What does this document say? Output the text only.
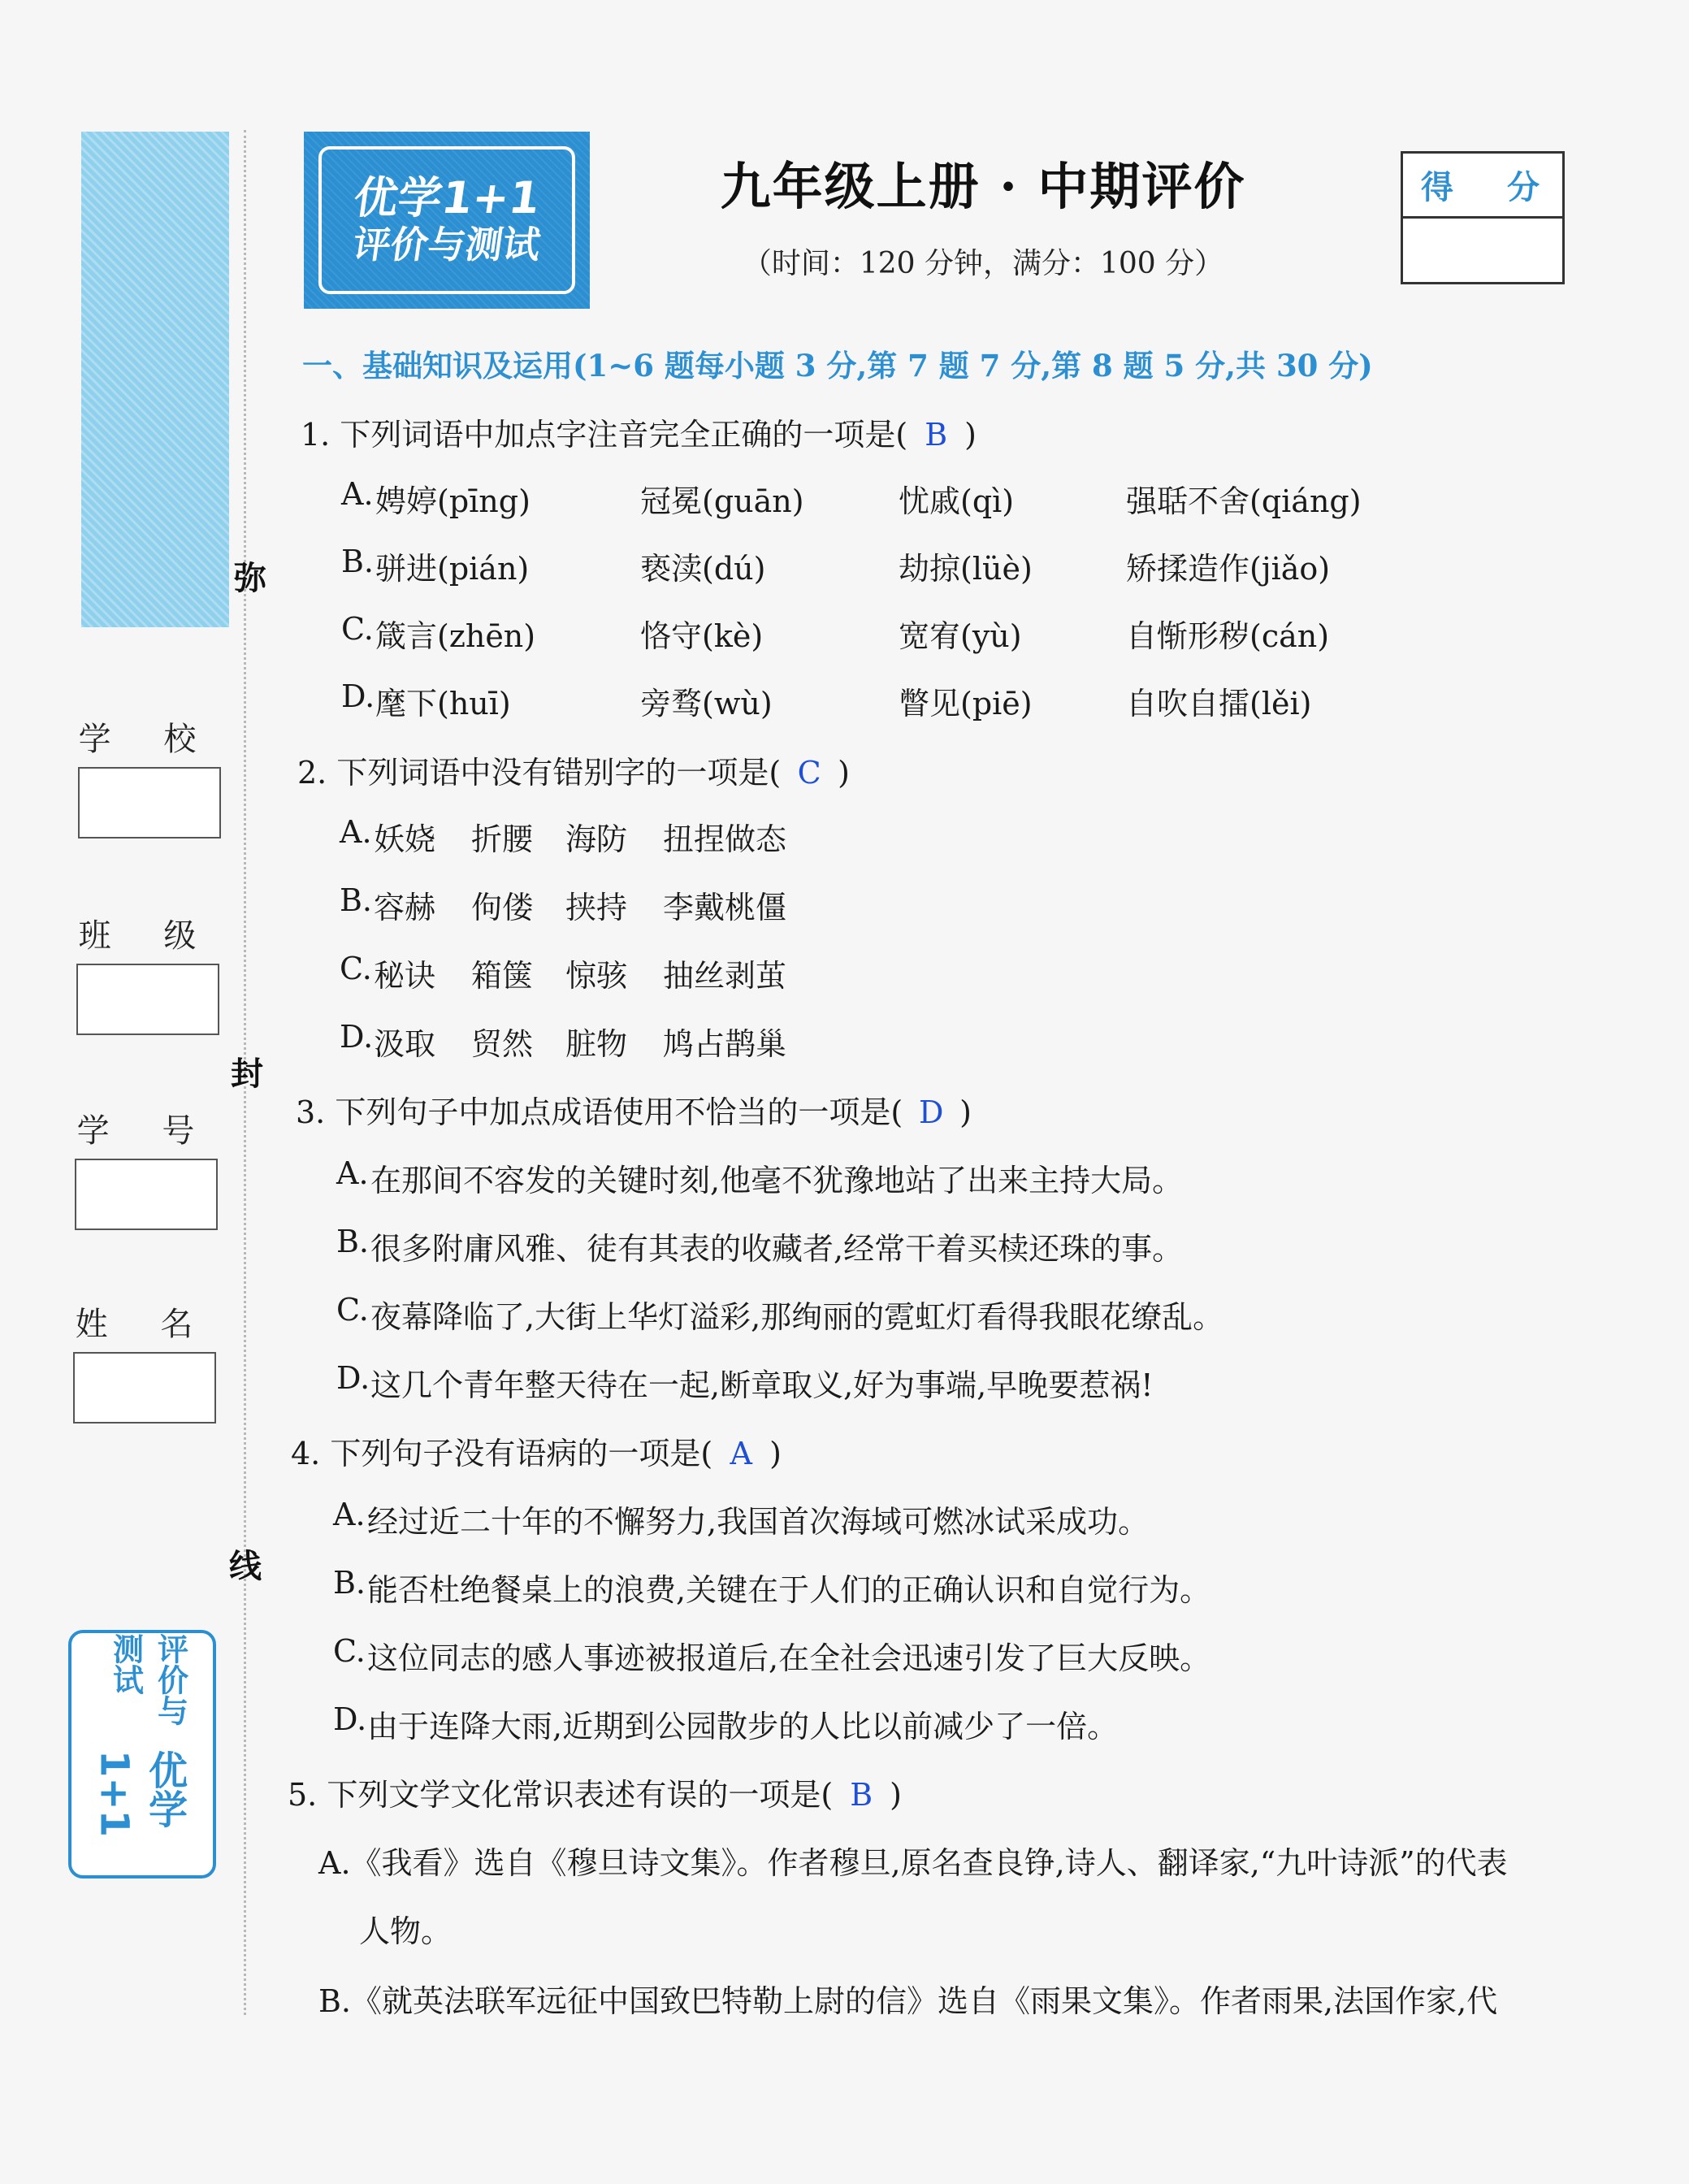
弥
封
线
学 校
班 级
学 号
姓 名
优学1+1
评价与测试
优学1+1
评价与测试
九年级上册 · 中期评价
（时间：120 分钟，满分：100 分）
得 分
一、基础知识及运用(1~6 题每小题 3 分,第 7 题 7 分,第 8 题 5 分,共 30 分)
1. 下列词语中加点字注音完全正确的一项是( B )
A. 娉婷(pīng)	冠冕(guān)	忧戚(qì)	强聒不舍(qiáng)
B. 骈进(pián)	亵渎(dú)	劫掠(lüè)	矫揉造作(jiǎo)
C. 箴言(zhēn)	恪守(kè)	宽宥(yù)	自惭形秽(cán)
D. 麾下(huī)	旁骛(wù)	瞥见(piē)	自吹自擂(lěi)
2. 下列词语中没有错别字的一项是( C )
A. 妖娆	折腰	海防	扭捏做态
B. 容赫	佝偻	挟持	李戴桃僵
C. 秘诀	箱箧	惊骇	抽丝剥茧
D. 汲取	贸然	脏物	鸠占鹊巢
3. 下列句子中加点成语使用不恰当的一项是( D )
A. 在那间不容发的关键时刻,他毫不犹豫地站了出来主持大局。
B. 很多附庸风雅、徒有其表的收藏者,经常干着买椟还珠的事。
C. 夜幕降临了,大街上华灯溢彩,那绚丽的霓虹灯看得我眼花缭乱。
D. 这几个青年整天待在一起,断章取义,好为事端,早晚要惹祸!
4. 下列句子没有语病的一项是( A )
A. 经过近二十年的不懈努力,我国首次海域可燃冰试采成功。
B. 能否杜绝餐桌上的浪费,关键在于人们的正确认识和自觉行为。
C. 这位同志的感人事迹被报道后,在全社会迅速引发了巨大反映。
D. 由于连降大雨,近期到公园散步的人比以前减少了一倍。
5. 下列文学文化常识表述有误的一项是( B )
A.《我看》选自《穆旦诗文集》。作者穆旦,原名查良铮,诗人、翻译家,“九叶诗派”的代表
人物。
B.《就英法联军远征中国致巴特勒上尉的信》选自《雨果文集》。作者雨果,法国作家,代
